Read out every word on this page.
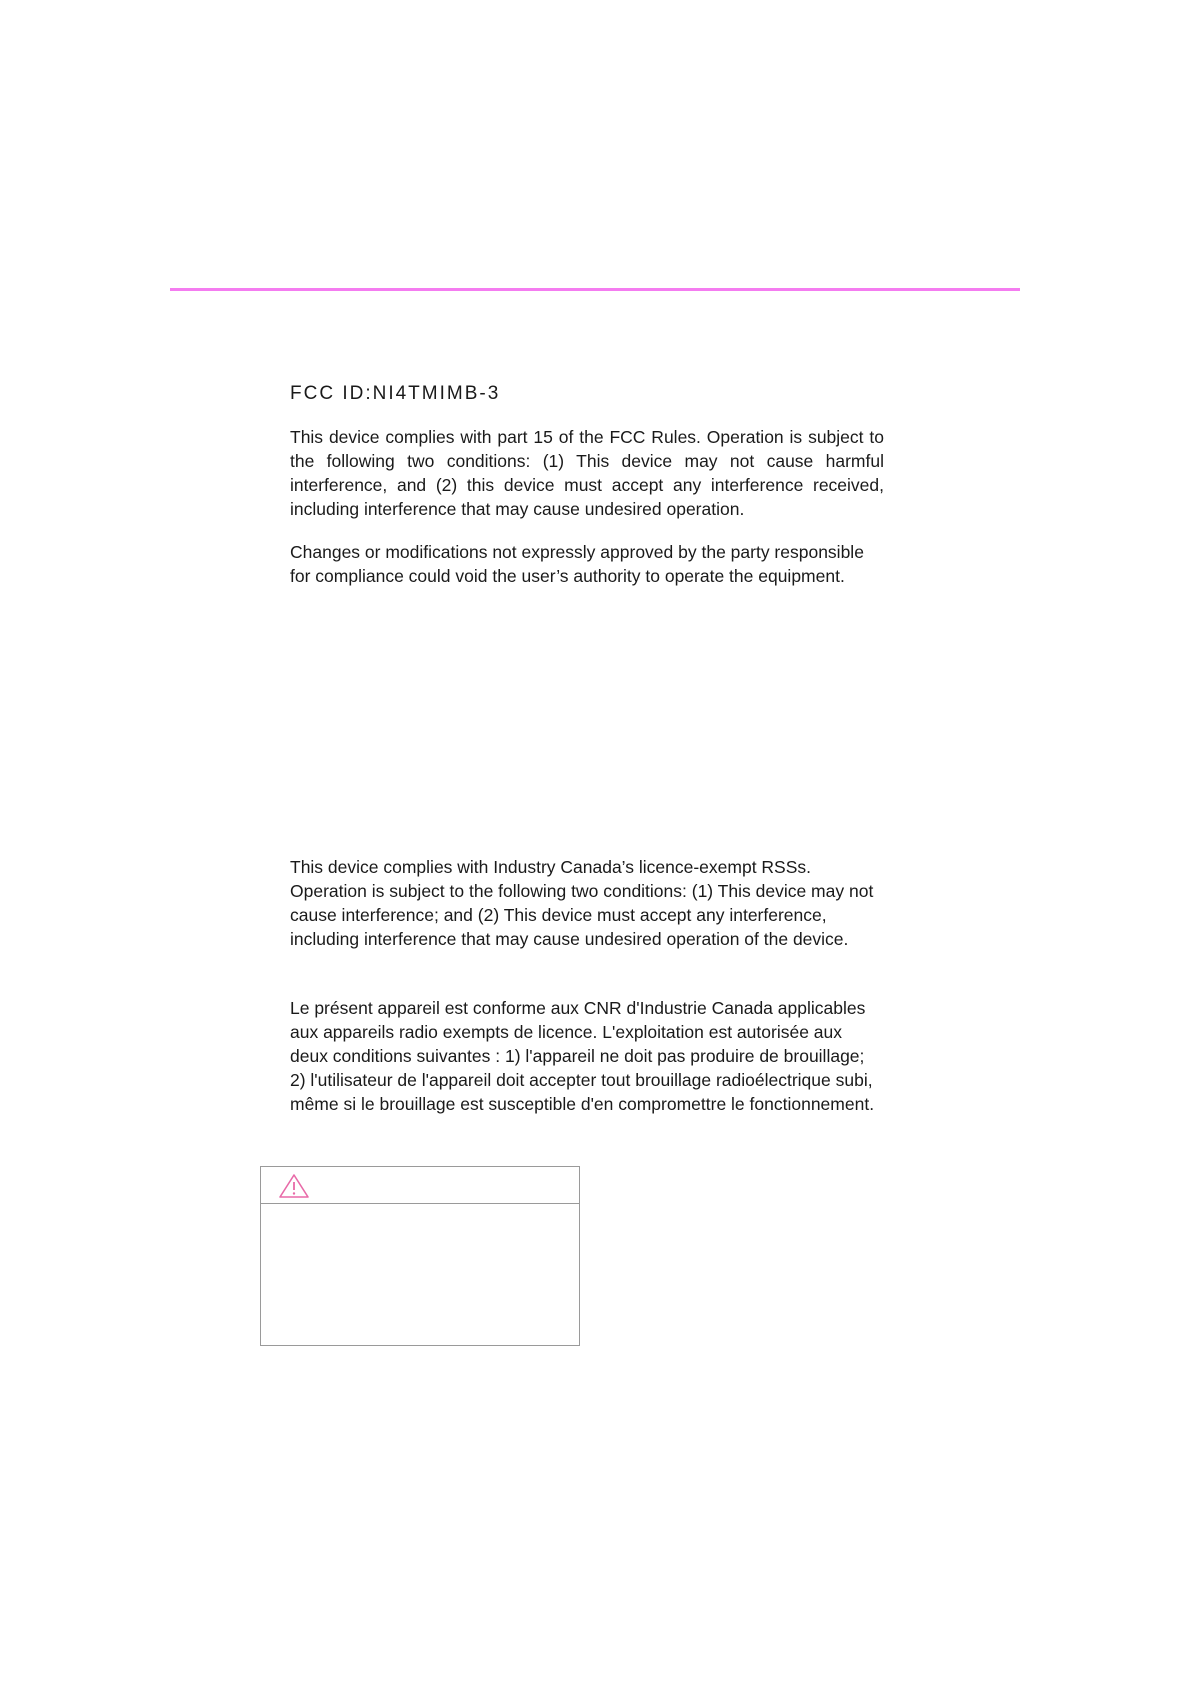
FCC ID:NI4TMIMB-3

This device complies with part 15 of the FCC Rules. Operation is subject to the following two conditions: (1) This device may not cause harmful interference, and (2) this device must accept any interference received, including interference that may cause undesired operation.

Changes or modifications not expressly approved by the party responsible for compliance could void the user’s authority to operate the equipment.

This device complies with Industry Canada’s licence-exempt RSSs. Operation is subject to the following two conditions: (1) This device may not cause interference; and (2) This device must accept any interference, including interference that may cause undesired operation of the device.

Le présent appareil est conforme aux CNR d'Industrie Canada applicables aux appareils radio exempts de licence. L'exploitation est autorisée aux deux conditions suivantes : 1) l'appareil ne doit pas produire de brouillage; 2) l'utilisateur de l'appareil doit accepter tout brouillage radioélectrique subi, même si le brouillage est susceptible d'en compromettre le fonctionnement.
